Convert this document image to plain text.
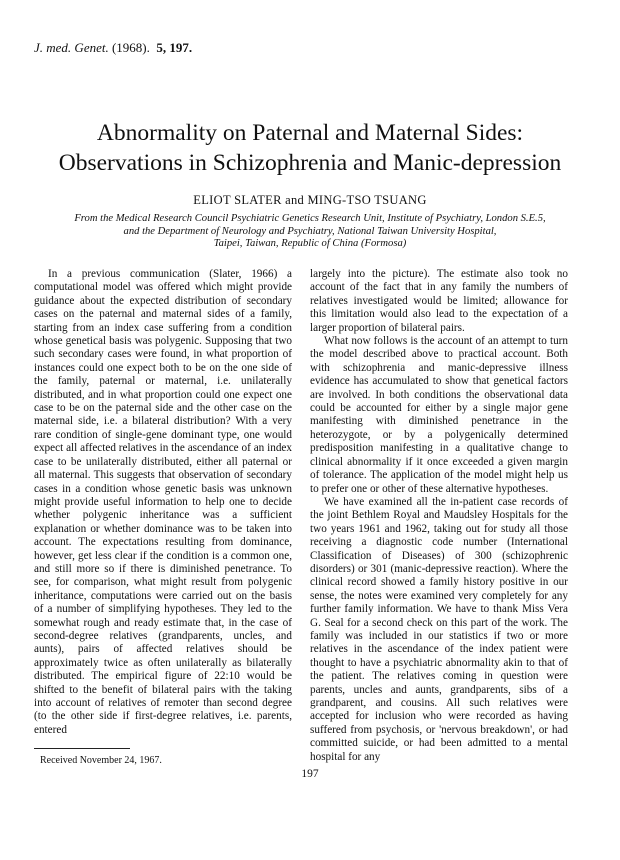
J. med. Genet. (1968). 5, 197.
Abnormality on Paternal and Maternal Sides:
Observations in Schizophrenia and Manic-depression
ELIOT SLATER and MING-TSO TSUANG
From the Medical Research Council Psychiatric Genetics Research Unit, Institute of Psychiatry, London S.E.5,
and the Department of Neurology and Psychiatry, National Taiwan University Hospital,
Taipei, Taiwan, Republic of China (Formosa)

In a previous communication (Slater, 1966) a computational model was offered which might provide guidance about the expected distribution of secondary cases on the paternal and maternal sides of a family, starting from an index case suffering from a condition whose genetical basis was polygenic. Supposing that two such secondary cases were found, in what proportion of instances could one expect both to be on the one side of the family, paternal or maternal, i.e. unilaterally distributed, and in what proportion could one expect one case to be on the paternal side and the other case on the maternal side, i.e. a bilateral distribution? With a very rare condition of single-gene dominant type, one would expect all affected relatives in the ascendance of an index case to be unilaterally distributed, either all paternal or all maternal. This suggests that observation of secondary cases in a condition whose genetic basis was unknown might provide useful information to help one to decide whether polygenic inheritance was a sufficient explanation or whether dominance was to be taken into account. The expectations resulting from dominance, however, get less clear if the condition is a common one, and still more so if there is diminished penetrance. To see, for comparison, what might result from polygenic inheritance, computations were carried out on the basis of a number of simplifying hypotheses. They led to the somewhat rough and ready estimate that, in the case of second-degree relatives (grandparents, uncles, and aunts), pairs of affected relatives should be approximately twice as often unilaterally as bilaterally distributed. The empirical figure of 22:10 would be shifted to the benefit of bilateral pairs with the taking into account of relatives of remoter than second degree (to the other side if first-degree relatives, i.e. parents, entered

largely into the picture). The estimate also took no account of the fact that in any family the numbers of relatives investigated would be limited; allowance for this limitation would also lead to the expectation of a larger proportion of bilateral pairs.

What now follows is the account of an attempt to turn the model described above to practical account. Both with schizophrenia and manic-depressive illness evidence has accumulated to show that genetical factors are involved. In both conditions the observational data could be accounted for either by a single major gene manifesting with diminished penetrance in the heterozygote, or by a polygenically determined predisposition manifesting in a qualitative change to clinical abnormality if it once exceeded a given margin of tolerance. The application of the model might help us to prefer one or other of these alternative hypotheses.

We have examined all the in-patient case records of the joint Bethlem Royal and Maudsley Hospitals for the two years 1961 and 1962, taking out for study all those receiving a diagnostic code number (International Classification of Diseases) of 300 (schizophrenic disorders) or 301 (manic-depressive reaction). Where the clinical record showed a family history positive in our sense, the notes were examined very completely for any further family information. We have to thank Miss Vera G. Seal for a second check on this part of the work. The family was included in our statistics if two or more relatives in the ascendance of the index patient were thought to have a psychiatric abnormality akin to that of the patient. The relatives coming in question were parents, uncles and aunts, grandparents, sibs of a grandparent, and cousins. All such relatives were accepted for inclusion who were recorded as having suffered from psychosis, or 'nervous breakdown', or had committed suicide, or had been admitted to a mental hospital for any

Received November 24, 1967.
197
